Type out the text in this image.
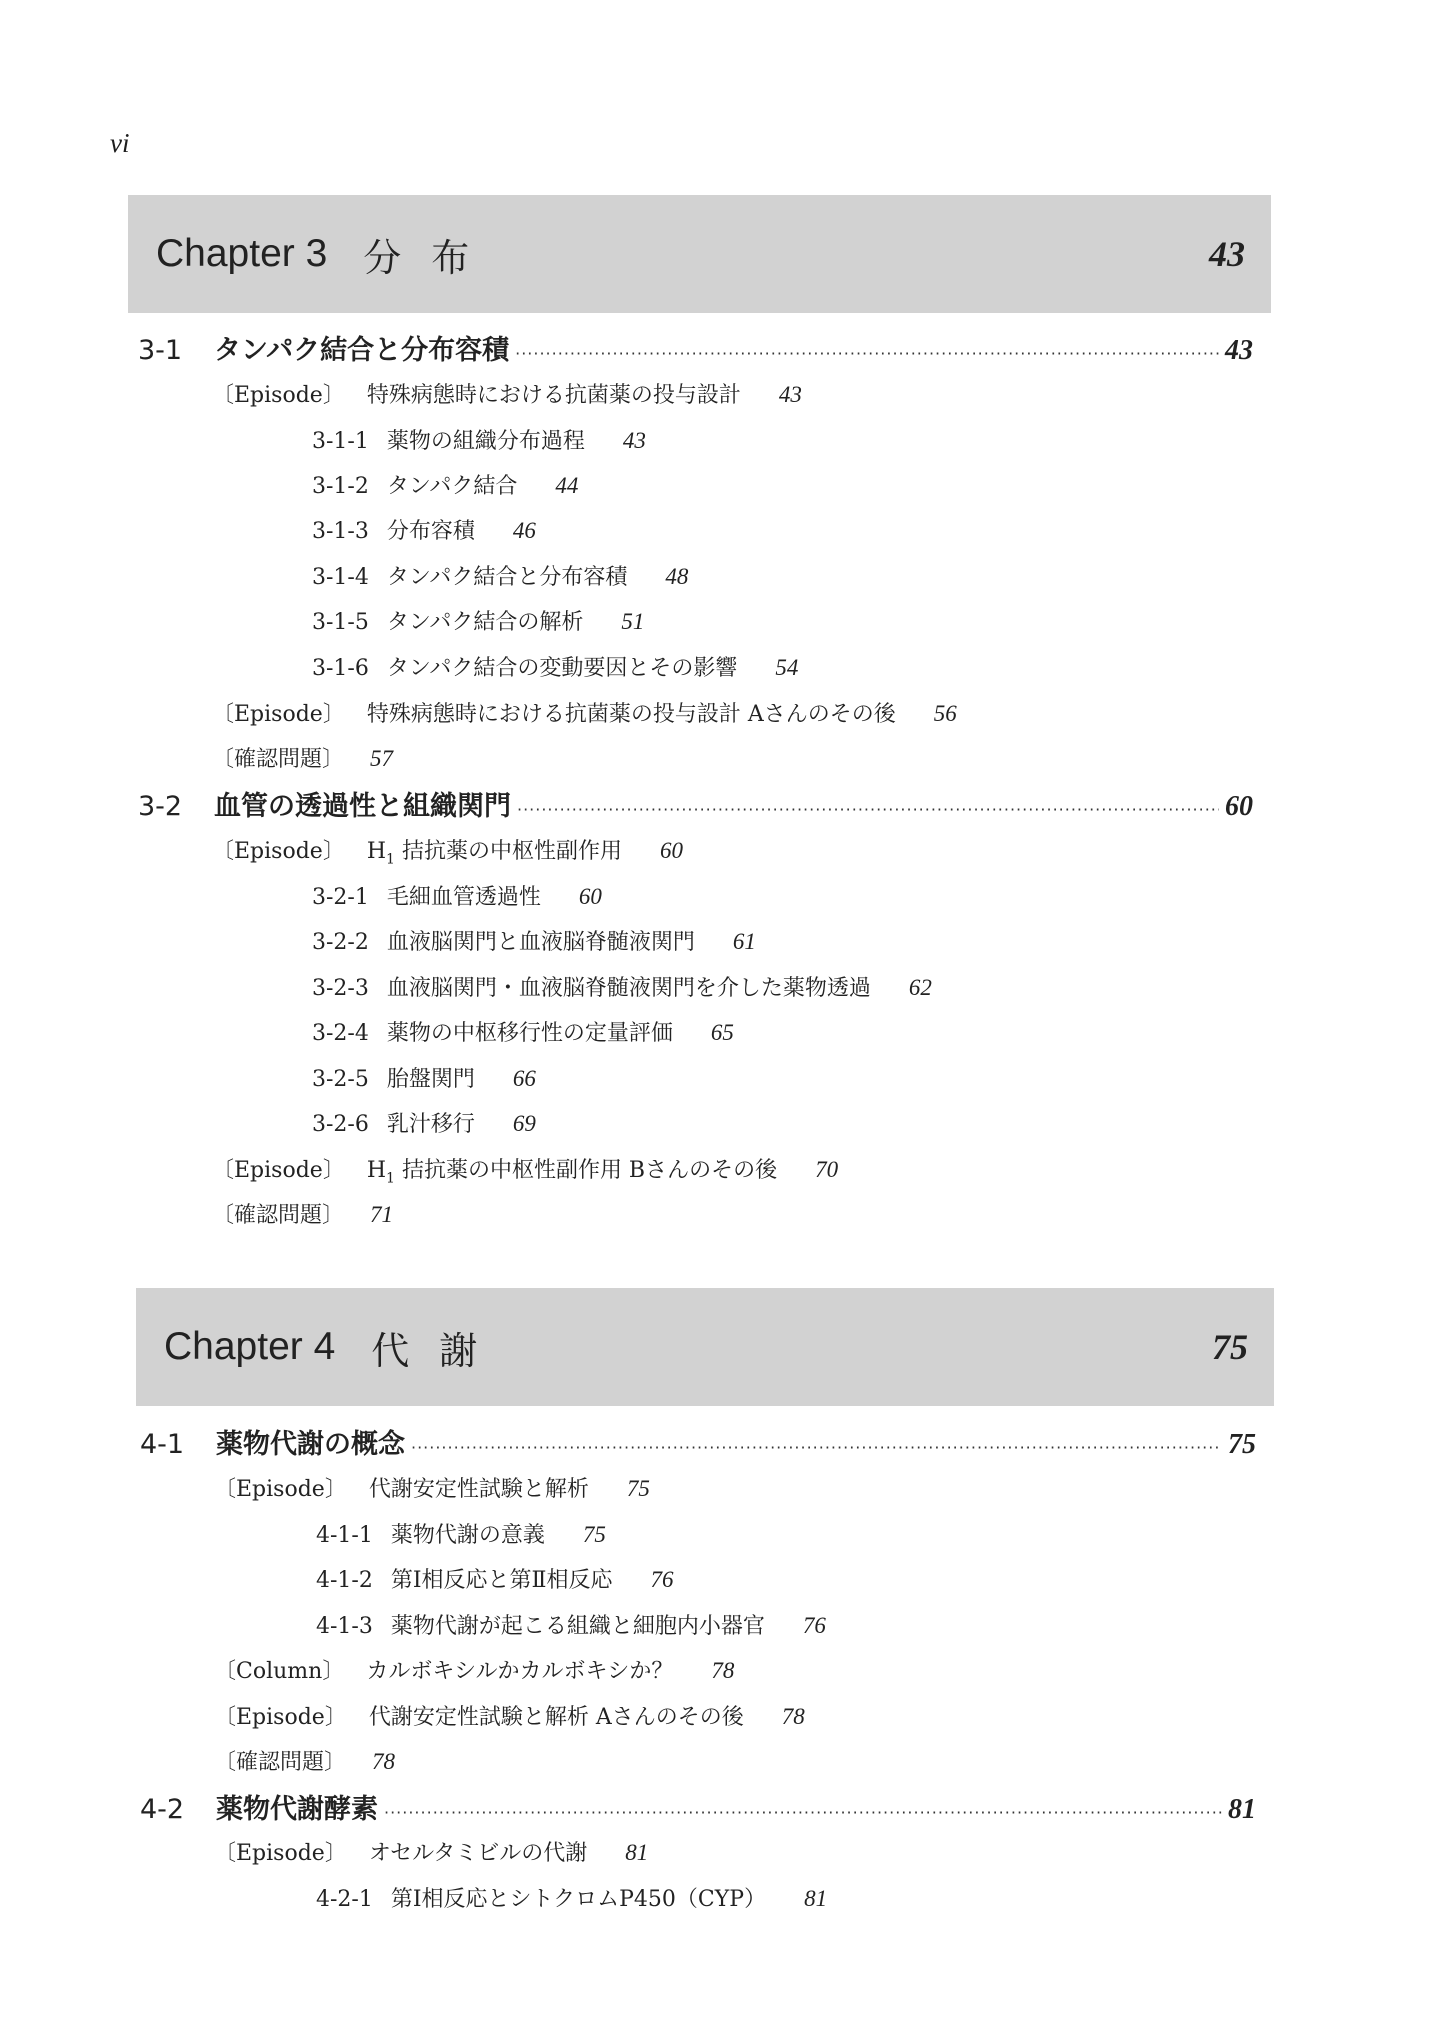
vi
Chapter 3 分布	43
3-1	タンパク結合と分布容積 ·····	43
〔Episode〕 特殊病態時における抗菌薬の投与設計 43
3-1-1 薬物の組織分布過程 43
3-1-2 タンパク結合 44
3-1-3 分布容積 46
3-1-4 タンパク結合と分布容積 48
3-1-5 タンパク結合の解析 51
3-1-6 タンパク結合の変動要因とその影響 54
〔Episode〕 特殊病態時における抗菌薬の投与設計 Aさんのその後 56
〔確認問題〕 57
3-2	血管の透過性と組織関門 ·····	60
〔Episode〕 $H_1$ 拮抗薬の中枢性副作用 60
3-2-1 毛細血管透過性 60
3-2-2 血液脳関門と血液脳脊髄液関門 61
3-2-3 血液脳関門・血液脳脊髄液関門を介した薬物透過 62
3-2-4 薬物の中枢移行性の定量評価 65
3-2-5 胎盤関門 66
3-2-6 乳汁移行 69
〔Episode〕 $H_1$ 拮抗薬の中枢性副作用 Bさんのその後 70
〔確認問題〕 71
Chapter 4 代謝	75
4-1	薬物代謝の概念 ·····	75
〔Episode〕 代謝安定性試験と解析 75
4-1-1 薬物代謝の意義 75
4-1-2 第Ⅰ相反応と第Ⅱ相反応 76
4-1-3 薬物代謝が起こる組織と細胞内小器官 76
〔Column〕 カルボキシルかカルボキシか？ 78
〔Episode〕 代謝安定性試験と解析 Aさんのその後 78
〔確認問題〕 78
4-2	薬物代謝酵素 ·····	81
〔Episode〕 オセルタミビルの代謝 81
4-2-1 第Ⅰ相反応とシトクロムP450（CYP） 81
